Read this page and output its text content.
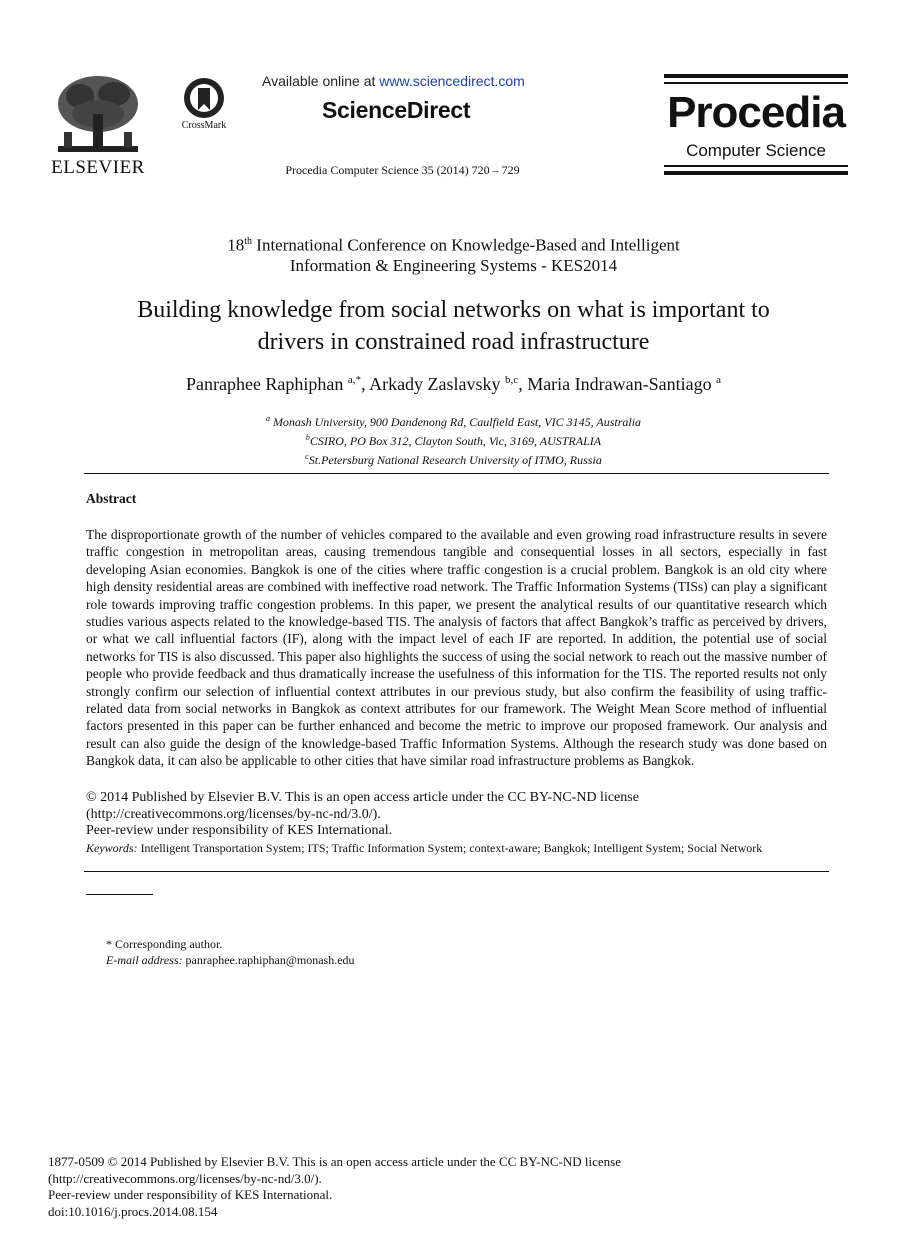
ELSEVIER
CrossMark
Available online at www.sciencedirect.com
ScienceDirect
Procedia Computer Science 35 (2014) 720 – 729
Procedia
Computer Science
18th International Conference on Knowledge-Based and Intelligent
Information & Engineering Systems - KES2014
Building knowledge from social networks on what is important to
drivers in constrained road infrastructure
Panraphee Raphiphan $^{a,*}$, Arkady Zaslavsky $^{b,c}$, Maria Indrawan-Santiago $^a$
$^a$ Monash University, 900 Dandenong Rd, Caulfield East, VIC 3145, Australia
$^b$CSIRO, PO Box 312, Clayton South, Vic, 3169, AUSTRALIA
$^c$St.Petersburg National Research University of ITMO, Russia
Abstract
The disproportionate growth of the number of vehicles compared to the available and even growing road infrastructure results in severe traffic congestion in metropolitan areas, causing tremendous tangible and consequential losses in all sectors, especially in fast developing Asian economies. Bangkok is one of the cities where traffic congestion is a crucial problem. Bangkok is an old city where high density residential areas are combined with ineffective road network. The Traffic Information Systems (TISs) can play a significant role towards improving traffic congestion problems. In this paper, we present the analytical results of our quantitative research which studies various aspects related to the knowledge-based TIS. The analysis of factors that affect Bangkok’s traffic as perceived by drivers, or what we call influential factors (IF), along with the impact level of each IF are reported. In addition, the potential use of social networks for TIS is also discussed. This paper also highlights the success of using the social network to reach out the massive number of people who provide feedback and thus dramatically increase the usefulness of this information for the TIS. The reported results not only strongly confirm our selection of influential context attributes in our previous study, but also confirm the feasibility of using traffic-related data from social networks in Bangkok as context attributes for our framework. The Weight Mean Score method of influential factors presented in this paper can be further enhanced and become the metric to improve our proposed framework. Our analysis and result can also guide the design of the knowledge-based Traffic Information Systems. Although the research study was done based on Bangkok data, it can also be applicable to other cities that have similar road infrastructure problems as Bangkok.
© 2014 Published by Elsevier B.V. This is an open access article under the CC BY-NC-ND license
(http://creativecommons.org/licenses/by-nc-nd/3.0/).
Peer-review under responsibility of KES International.
Keywords: Intelligent Transportation System; ITS; Traffic Information System; context-aware; Bangkok; Intelligent System; Social Network
* Corresponding author.
E-mail address: panraphee.raphiphan@monash.edu
1877-0509 © 2014 Published by Elsevier B.V. This is an open access article under the CC BY-NC-ND license
(http://creativecommons.org/licenses/by-nc-nd/3.0/).
Peer-review under responsibility of KES International.
doi:10.1016/j.procs.2014.08.154
